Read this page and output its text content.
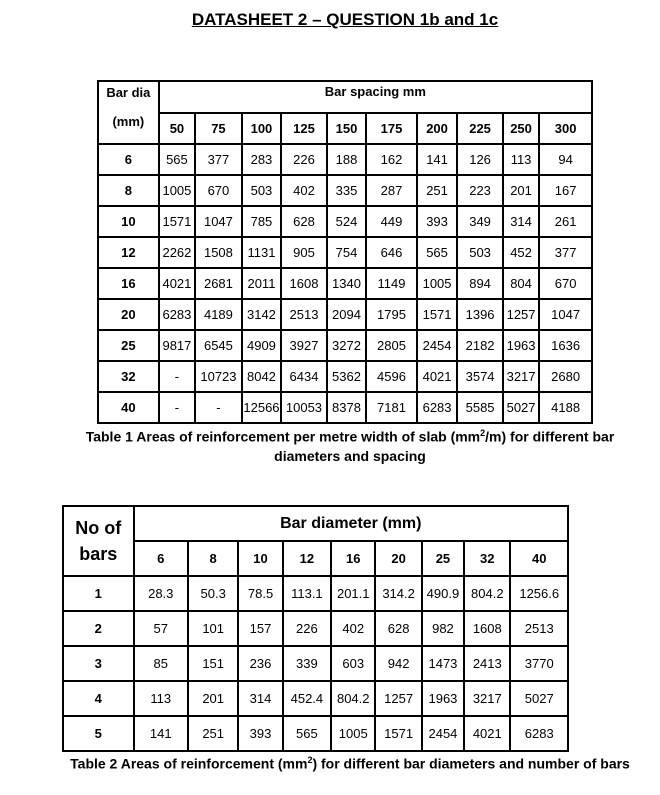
DATASHEET 2 – QUESTION 1b and 1c
Bar dia
(mm)	Bar spacing mm									
	50	75	100	125	150	175	200	225	250	300
6	565	377	283	226	188	162	141	126	113	94
8	1005	670	503	402	335	287	251	223	201	167
10	1571	1047	785	628	524	449	393	349	314	261
12	2262	1508	1131	905	754	646	565	503	452	377
16	4021	2681	2011	1608	1340	1149	1005	894	804	670
20	6283	4189	3142	2513	2094	1795	1571	1396	1257	1047
25	9817	6545	4909	3927	3272	2805	2454	2182	1963	1636
32	-	10723	8042	6434	5362	4596	4021	3574	3217	2680
40	-	-	12566	10053	8378	7181	6283	5585	5027	4188
Table 1 Areas of reinforcement per metre width of slab $(mm^2/m)$ for different bar diameters and spacing
No of
bars	Bar diameter (mm)								
	6	8	10	12	16	20	25	32	40
1	28.3	50.3	78.5	113.1	201.1	314.2	490.9	804.2	1256.6
2	57	101	157	226	402	628	982	1608	2513
3	85	151	236	339	603	942	1473	2413	3770
4	113	201	314	452.4	804.2	1257	1963	3217	5027
5	141	251	393	565	1005	1571	2454	4021	6283
Table 2 Areas of reinforcement $(mm^2)$ for different bar diameters and number of bars
